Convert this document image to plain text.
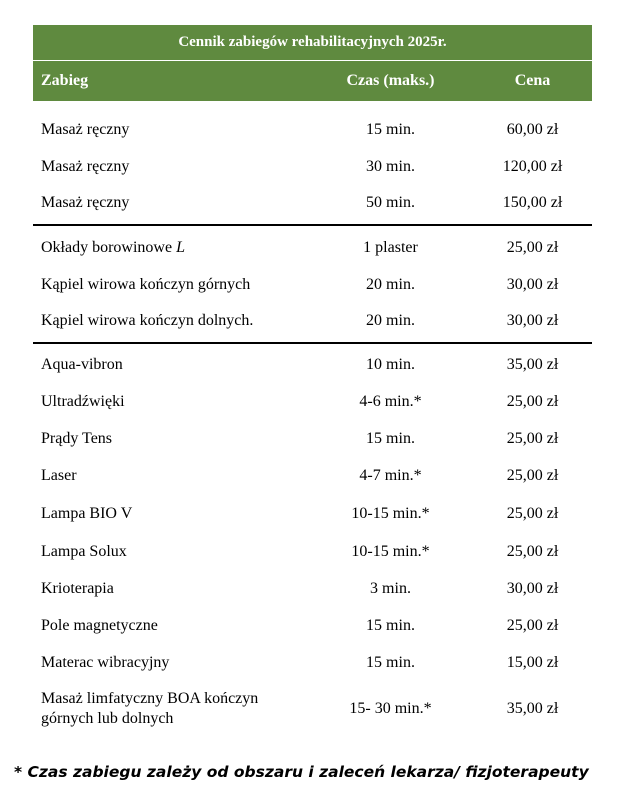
Cennik zabiegów rehabilitacyjnych 2025r.		
Zabieg	Czas (maks.)	Cena
Masaż ręczny	15 min.	60,00 zł
Masaż ręczny	30 min.	120,00 zł
Masaż ręczny	50 min.	150,00 zł
Okłady borowinowe L	1 plaster	25,00 zł
Kąpiel wirowa kończyn górnych	20 min.	30,00 zł
Kąpiel wirowa kończyn dolnych.	20 min.	30,00 zł
Aqua-vibron	10 min.	35,00 zł
Ultradźwięki	4-6 min.*	25,00 zł
Prądy Tens	15 min.	25,00 zł
Laser	4-7 min.*	25,00 zł
Lampa BIO V	10-15 min.*	25,00 zł
Lampa Solux	10-15 min.*	25,00 zł
Krioterapia	3 min.	30,00 zł
Pole magnetyczne	15 min.	25,00 zł
Materac wibracyjny	15 min.	15,00 zł

Masaż limfatyczny BOA kończyn
górnych lub dolnych	15- 30 min.*	35,00 zł
* Czas zabiegu zależy od obszaru i zaleceń lekarza/ fizjoterapeuty
